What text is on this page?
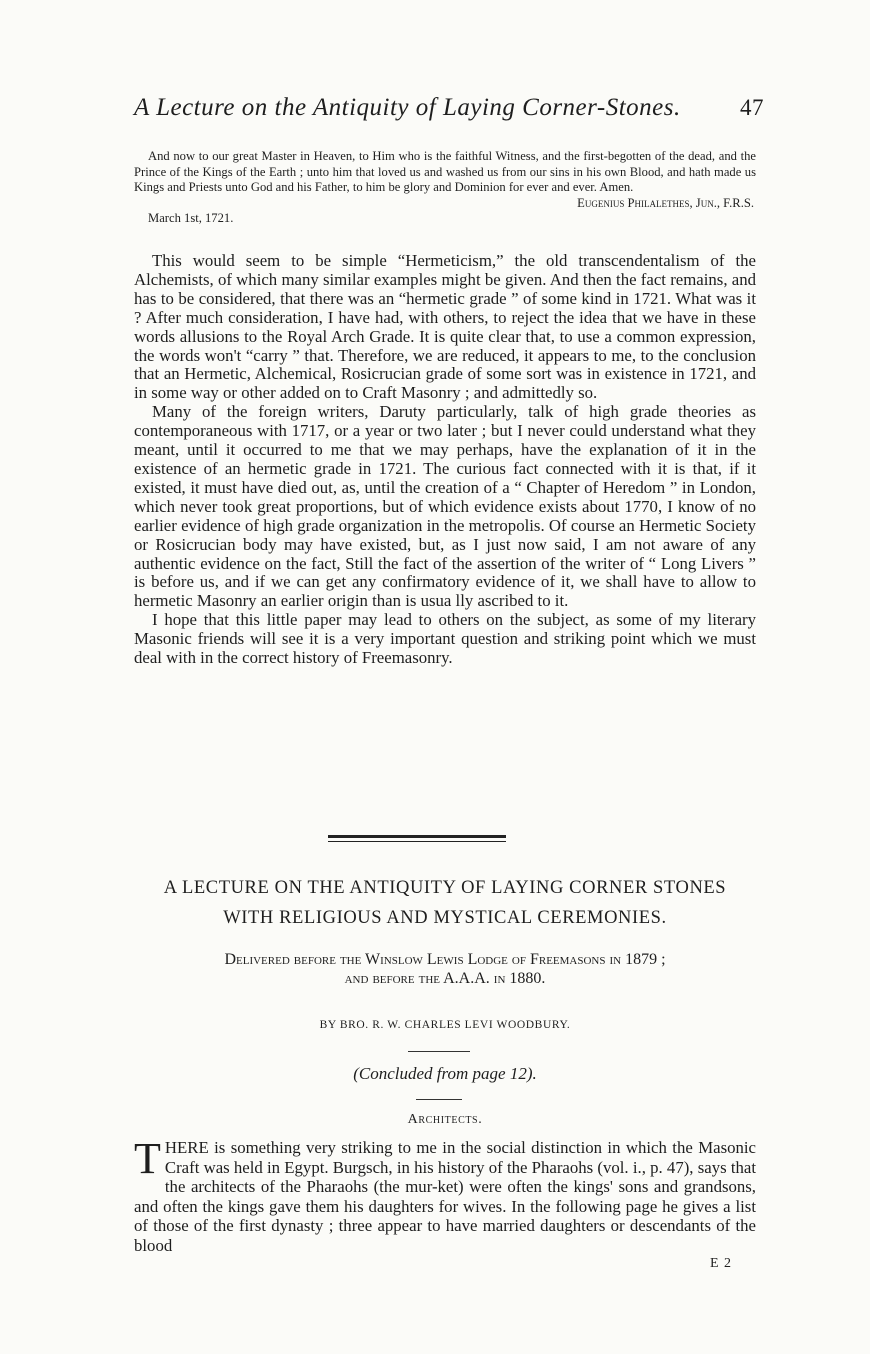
A Lecture on the Antiquity of Laying Corner-Stones.	47

And now to our great Master in Heaven, to Him who is the faithful Witness, and the first-begotten of the dead, and the Prince of the Kings of the Earth ; unto him that loved us and washed us from our sins in his own Blood, and hath made us Kings and Priests unto God and his Father, to him be glory and Dominion for ever and ever. Amen.

Eugenius Philalethes, Jun., F.R.S.

March 1st, 1721.

This would seem to be simple “Hermeticism,” the old transcendentalism of the Alchemists, of which many similar examples might be given. And then the fact remains, and has to be considered, that there was an “hermetic grade ” of some kind in 1721. What was it ? After much consideration, I have had, with others, to reject the idea that we have in these words allusions to the Royal Arch Grade. It is quite clear that, to use a common expression, the words won't “carry ” that. Therefore, we are reduced, it appears to me, to the conclusion that an Hermetic, Alchemical, Rosicrucian grade of some sort was in existence in 1721, and in some way or other added on to Craft Masonry ; and admittedly so.

Many of the foreign writers, Daruty particularly, talk of high grade theories as contemporaneous with 1717, or a year or two later ; but I never could understand what they meant, until it occurred to me that we may perhaps, have the explanation of it in the existence of an hermetic grade in 1721. The curious fact connected with it is that, if it existed, it must have died out, as, until the creation of a “ Chapter of Heredom ” in London, which never took great proportions, but of which evidence exists about 1770, I know of no earlier evidence of high grade organization in the metropolis. Of course an Hermetic Society or Rosicrucian body may have existed, but, as I just now said, I am not aware of any authentic evidence on the fact, Still the fact of the assertion of the writer of “ Long Livers ” is before us, and if we can get any confirmatory evidence of it, we shall have to allow to hermetic Masonry an earlier origin than is usua lly ascribed to it.

I hope that this little paper may lead to others on the subject, as some of my literary Masonic friends will see it is a very important question and striking point which we must deal with in the correct history of Freemasonry.

A LECTURE ON THE ANTIQUITY OF LAYING CORNER STONES
WITH RELIGIOUS AND MYSTICAL CEREMONIES.
Delivered before the Winslow Lewis Lodge of Freemasons in 1879 ;
and before the A.A.A. in 1880.
BY BRO. R. W. CHARLES LEVI WOODBURY.
(Concluded from page 12).
Architects.
T HERE is something very striking to me in the social distinction in which the Masonic Craft was held in Egypt. Burgsch, in his history of the Pharaohs (vol. i., p. 47), says that the architects of the Pharaohs (the mur-ket) were often the kings' sons and grandsons, and often the kings gave them his daughters for wives. In the following page he gives a list of those of the first dynasty ; three appear to have married daughters or descendants of the blood

E 2
